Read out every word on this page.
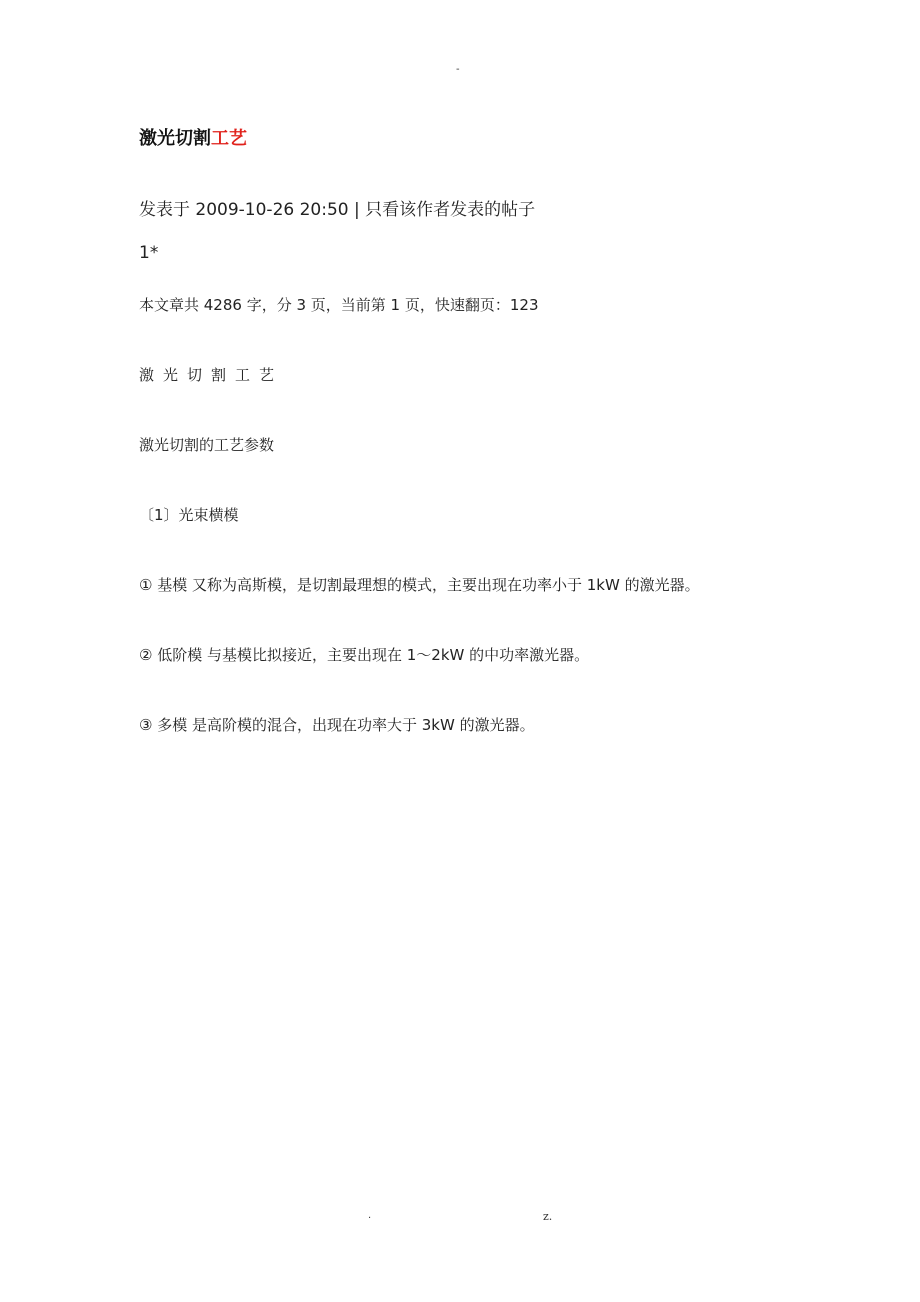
-
激光切割工艺
发表于 2009-10-26 20:50 | 只看该作者发表的帖子
1*
本文章共 4286 字，分 3 页，当前第 1 页，快速翻页：123
激光切割工艺
激光切割的工艺参数
〔1〕光束横模
① 基模 又称为高斯模，是切割最理想的模式，主要出现在功率小于 1kW 的激光器。
② 低阶模 与基模比拟接近，主要出现在 1～2kW 的中功率激光器。
③ 多模 是高阶模的混合，出现在功率大于 3kW 的激光器。
.	z.
